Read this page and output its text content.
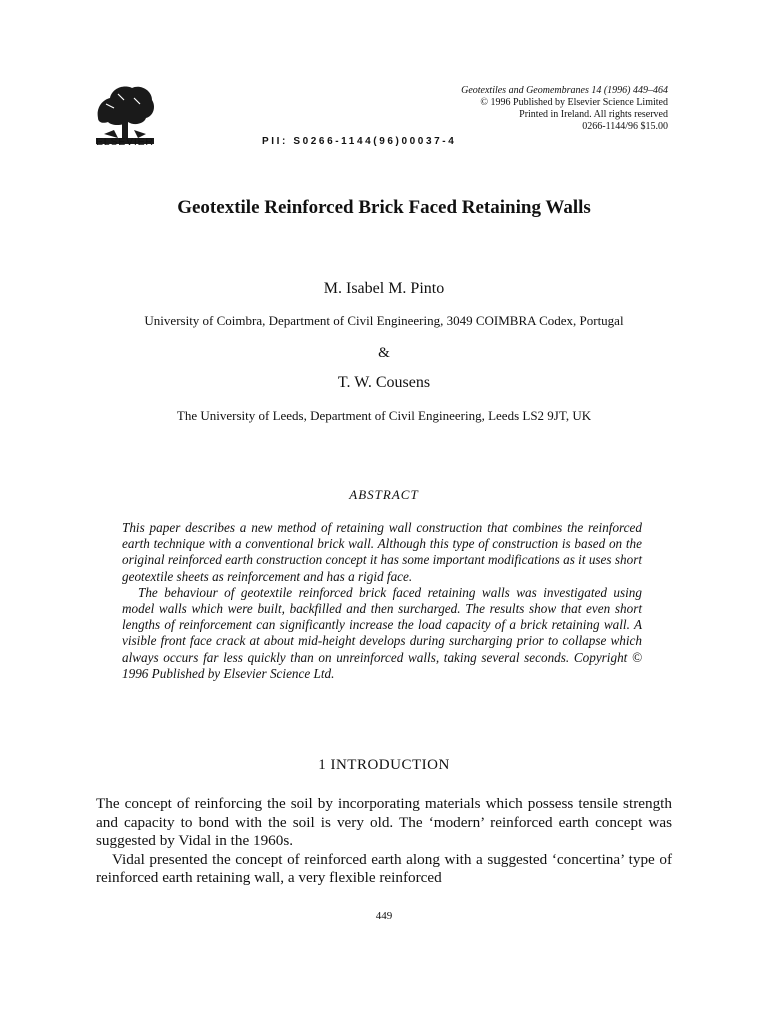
ELSEVIER
Geotextiles and Geomembranes 14 (1996) 449–464
© 1996 Published by Elsevier Science Limited
Printed in Ireland. All rights reserved
0266-1144/96 $15.00
PII: S0266-1144(96)00037-4
Geotextile Reinforced Brick Faced Retaining Walls
M. Isabel M. Pinto
University of Coimbra, Department of Civil Engineering, 3049 COIMBRA Codex, Portugal
&
T. W. Cousens
The University of Leeds, Department of Civil Engineering, Leeds LS2 9JT, UK
ABSTRACT

This paper describes a new method of retaining wall construction that combines the reinforced earth technique with a conventional brick wall. Although this type of construction is based on the original reinforced earth construction concept it has some important modifications as it uses short geotextile sheets as reinforcement and has a rigid face.

The behaviour of geotextile reinforced brick faced retaining walls was investigated using model walls which were built, backfilled and then surcharged. The results show that even short lengths of reinforcement can significantly increase the load capacity of a brick retaining wall. A visible front face crack at about mid-height develops during surcharging prior to collapse which always occurs far less quickly than on unreinforced walls, taking several seconds. Copyright © 1996 Published by Elsevier Science Ltd.

1 INTRODUCTION

The concept of reinforcing the soil by incorporating materials which possess tensile strength and capacity to bond with the soil is very old. The ‘modern’ reinforced earth concept was suggested by Vidal in the 1960s.

Vidal presented the concept of reinforced earth along with a suggested ‘concertina’ type of reinforced earth retaining wall, a very flexible reinforced

449
